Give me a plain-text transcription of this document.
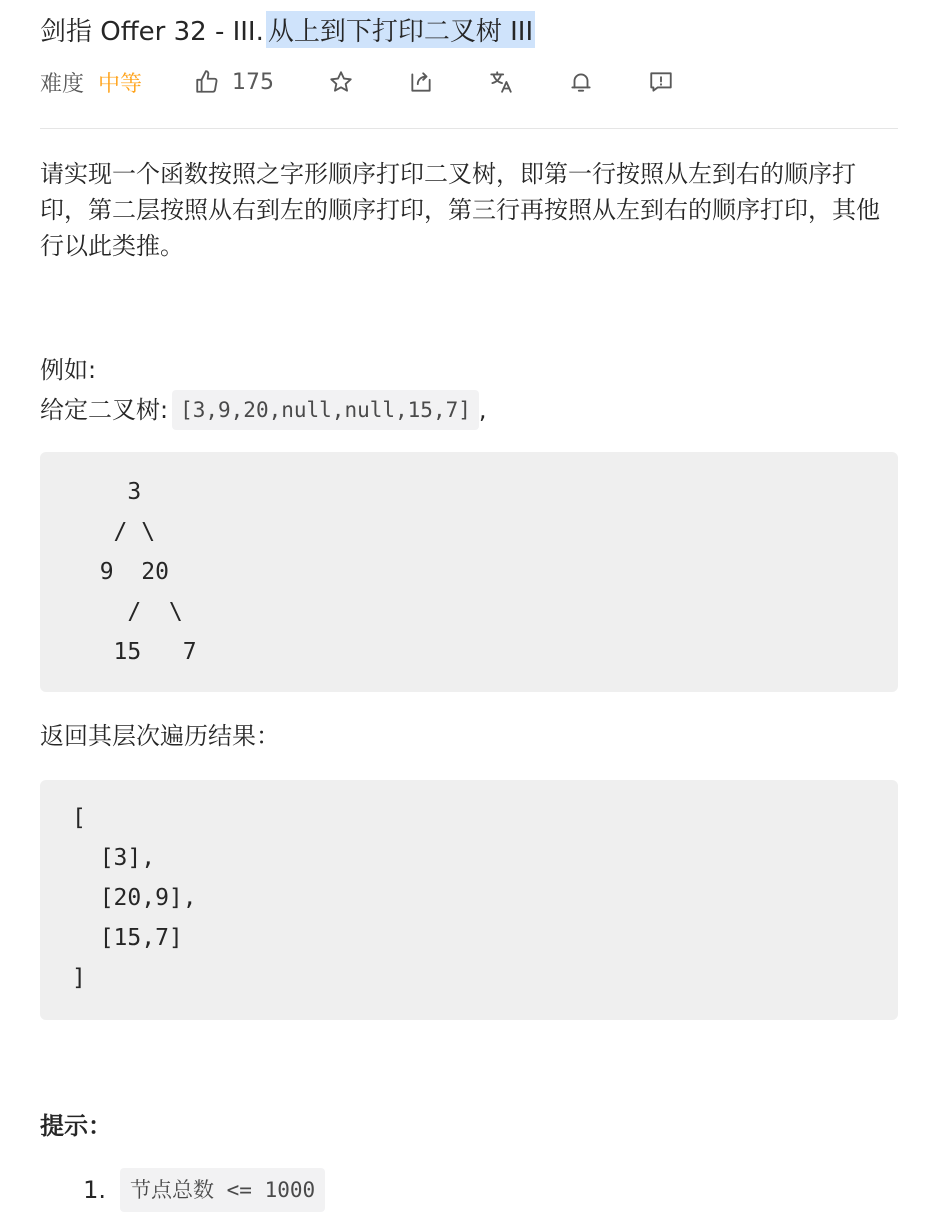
剑指 Offer 32 - III. 从上到下打印二叉树 III
难度 中等	175

请实现一个函数按照之字形顺序打印二叉树，即第一行按照从左到右的顺序打印，第二层按照从右到左的顺序打印，第三行再按照从左到右的顺序打印，其他行以此类推。

例如:
给定二叉树: [3,9,20,null,null,15,7] ,
3
/ \
9  20
/  \
15   7
返回其层次遍历结果：
[
[3],
[20,9],
[15,7]
]
提示：
1.	节点总数 <= 1000
